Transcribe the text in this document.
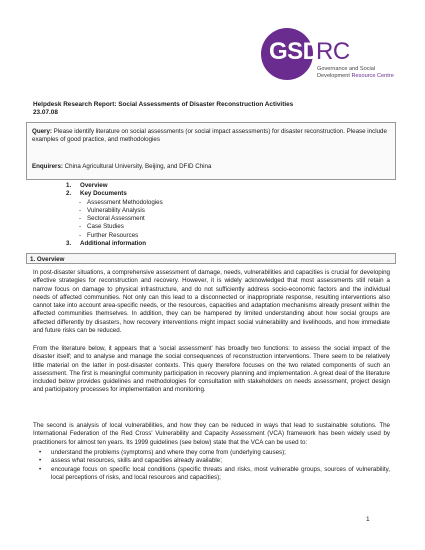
GSD
RC
Governance and Social
Development Resource Centre
Helpdesk Research Report: Social Assessments of Disaster Reconstruction Activities
23.07.08
Query: Please identify literature on social assessments (or social impact assessments) for disaster reconstruction. Please include examples of good practice, and methodologies
Enquirers: China Agricultural University, Beijing, and DFID China
1. Overview
2. Key Documents
- Assessment Methodologies
- Vulnerability Analysis
- Sectoral Assessment
- Case Studies
- Further Resources
3. Additional information
1. Overview
In post-disaster situations, a comprehensive assessment of damage, needs, vulnerabilities and capacities is crucial for developing effective strategies for reconstruction and recovery. However, it is widely acknowledged that most assessments still retain a narrow focus on damage to physical infrastructure, and do not sufficiently address socio-economic factors and the individual needs of affected communities. Not only can this lead to a disconnected or inappropriate response, resulting interventions also cannot take into account area-specific needs, or the resources, capacities and adaptation mechanisms already present within the affected communities themselves. In addition, they can be hampered by limited understanding about how social groups are affected differently by disasters, how recovery interventions might impact social vulnerability and livelihoods, and how immediate and future risks can be reduced.
From the literature below, it appears that a 'social assessment' has broadly two functions: to assess the social impact of the disaster itself; and to analyse and manage the social consequences of reconstruction interventions. There seem to be relatively little material on the latter in post-disaster contexts. This query therefore focuses on the two related components of such an assessment. The first is meaningful community participation in recovery planning and implementation. A great deal of the literature included below provides guidelines and methodologies for consultation with stakeholders on needs assessment, project design and participatory processes for implementation and monitoring.
The second is analysis of local vulnerabilities, and how they can be reduced in ways that lead to sustainable solutions. The International Federation of the Red Cross' Vulnerability and Capacity Assessment (VCA) framework has been widely used by practitioners for almost ten years. Its 1999 guidelines (see below) state that the VCA can be used to:
• understand the problems (symptoms) and where they come from (underlying causes);
• assess what resources, skills and capacities already available;
• encourage focus on specific local conditions (specific threats and risks, most vulnerable groups, sources of vulnerability, local perceptions of risks, and local resources and capacities);
1
